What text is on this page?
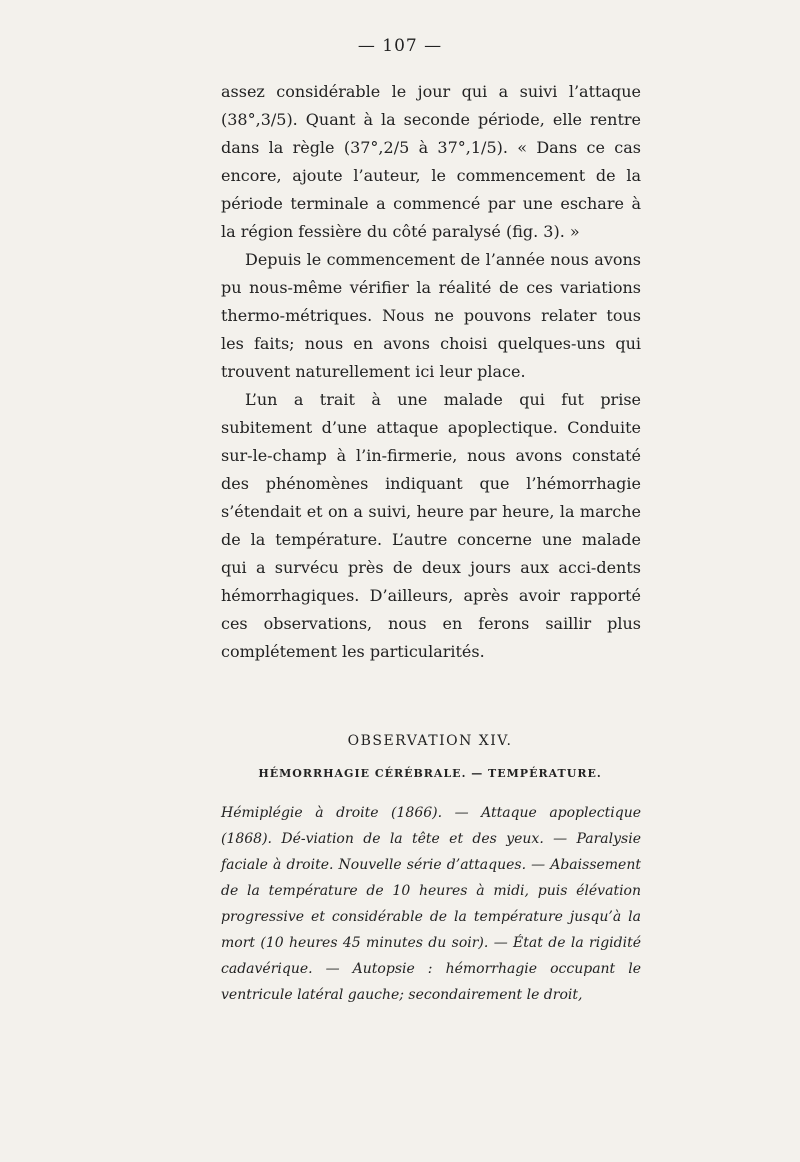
— 107 —

assez considérable le jour qui a suivi l’attaque (38°,3/5). Quant à la seconde période, elle rentre dans la règle (37°,2/5 à 37°,1/5). « Dans ce cas encore, ajoute l’auteur, le commencement de la période terminale a commencé par une eschare à la région fessière du côté paralysé (fig. 3). »

Depuis le commencement de l’année nous avons pu nous-même vérifier la réalité de ces variations thermo-métriques. Nous ne pouvons relater tous les faits; nous en avons choisi quelques-uns qui trouvent naturellement ici leur place.

L’un a trait à une malade qui fut prise subitement d’une attaque apoplectique. Conduite sur-le-champ à l’in-firmerie, nous avons constaté des phénomènes indiquant que l’hémorrhagie s’étendait et on a suivi, heure par heure, la marche de la température. L’autre concerne une malade qui a survécu près de deux jours aux acci-dents hémorrhagiques. D’ailleurs, après avoir rapporté ces observations, nous en ferons saillir plus complétement les particularités.

OBSERVATION XIV.

HÉMORRHAGIE CÉRÉBRALE. — TEMPÉRATURE.

Hémiplégie à droite (1866). — Attaque apoplectique (1868). Dé-viation de la tête et des yeux. — Paralysie faciale à droite. Nouvelle série d’attaques. — Abaissement de la température de 10 heures à midi, puis élévation progressive et considérable de la température jusqu’à la mort (10 heures 45 minutes du soir). — État de la rigidité cadavérique. — Autopsie : hémorrhagie occupant le ventricule latéral gauche; secondairement le droit,
